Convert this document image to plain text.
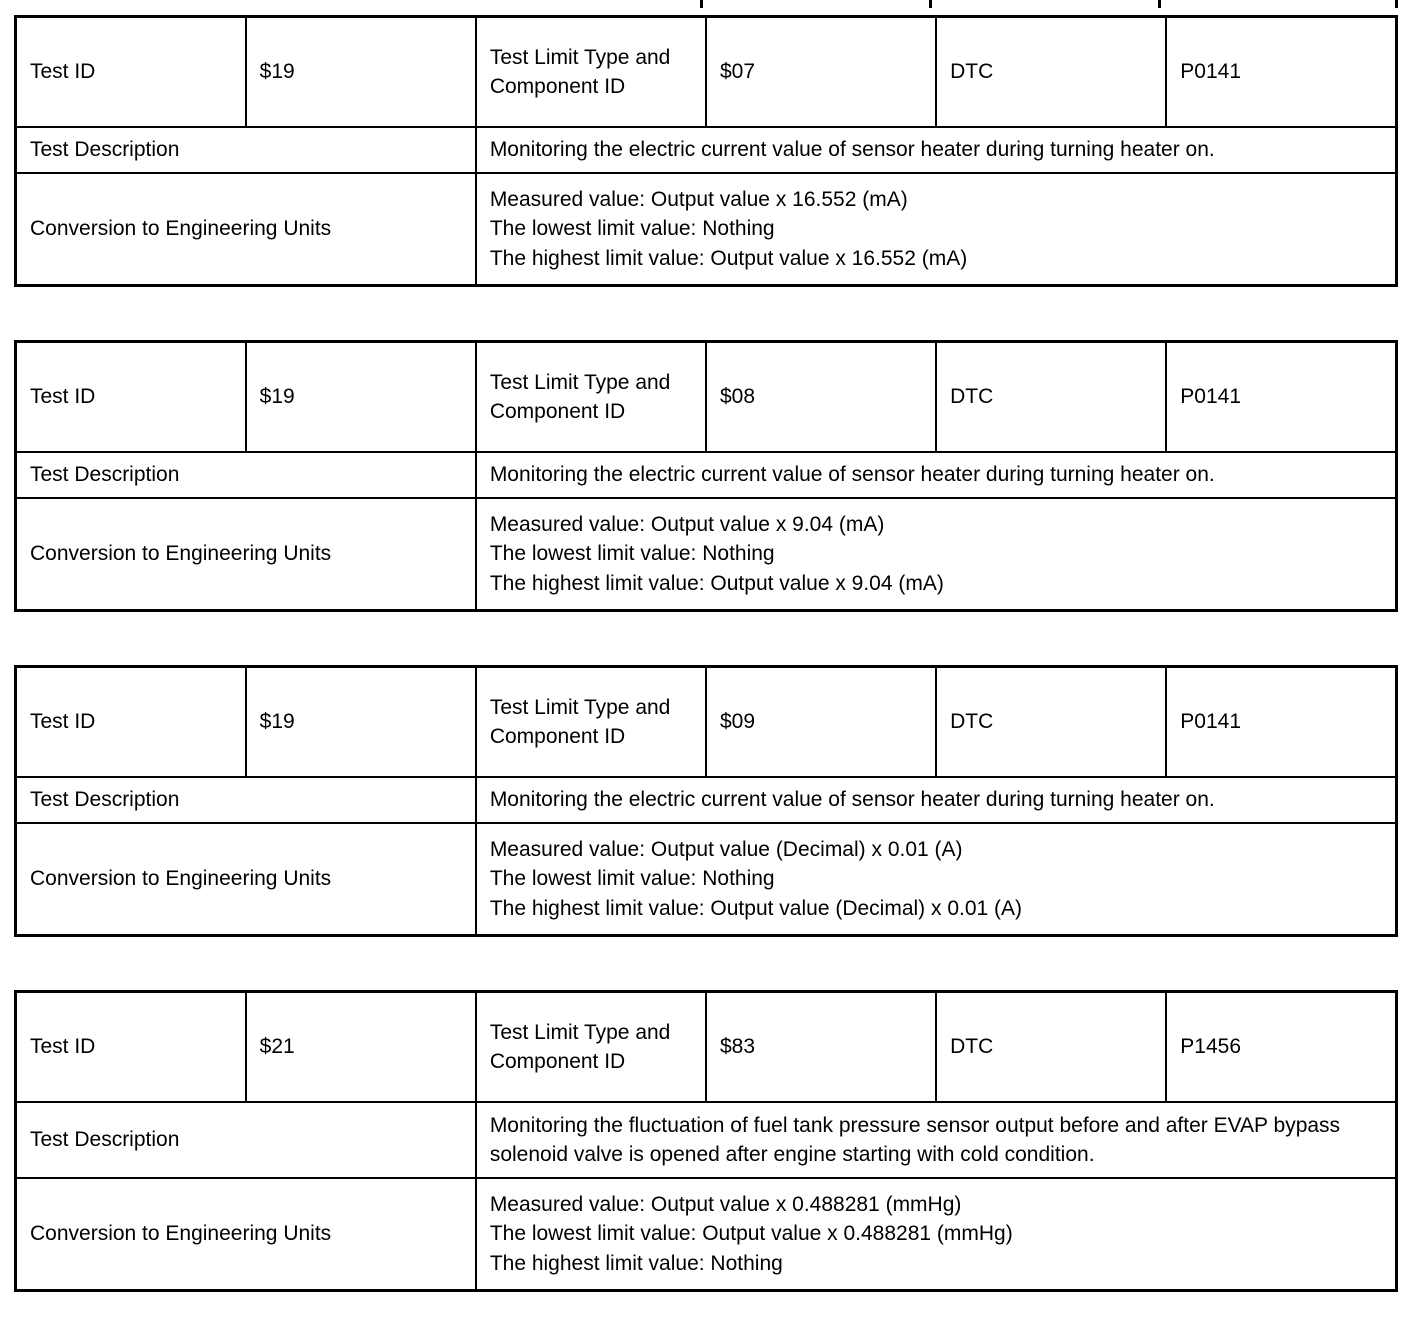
Test ID	$19	Test Limit Type and Component ID	$07	DTC	P0141
Test Description		Monitoring the electric current value of sensor heater during turning heater on.			
Conversion to Engineering Units		Measured value: Output value x 16.552 (mA)
The lowest limit value: Nothing
The highest limit value: Output value x 16.552 (mA)			
Test ID	$19	Test Limit Type and Component ID	$08	DTC	P0141
Test Description		Monitoring the electric current value of sensor heater during turning heater on.			
Conversion to Engineering Units		Measured value: Output value x 9.04 (mA)
The lowest limit value: Nothing
The highest limit value: Output value x 9.04 (mA)			
Test ID	$19	Test Limit Type and Component ID	$09	DTC	P0141
Test Description		Monitoring the electric current value of sensor heater during turning heater on.			
Conversion to Engineering Units		Measured value: Output value (Decimal) x 0.01 (A)
The lowest limit value: Nothing
The highest limit value: Output value (Decimal) x 0.01 (A)			
Test ID	$21	Test Limit Type and Component ID	$83	DTC	P1456
Test Description		Monitoring the fluctuation of fuel tank pressure sensor output before and after EVAP bypass solenoid valve is opened after engine starting with cold condition.			
Conversion to Engineering Units		Measured value: Output value x 0.488281 (mmHg)
The lowest limit value: Output value x 0.488281 (mmHg)
The highest limit value: Nothing			
